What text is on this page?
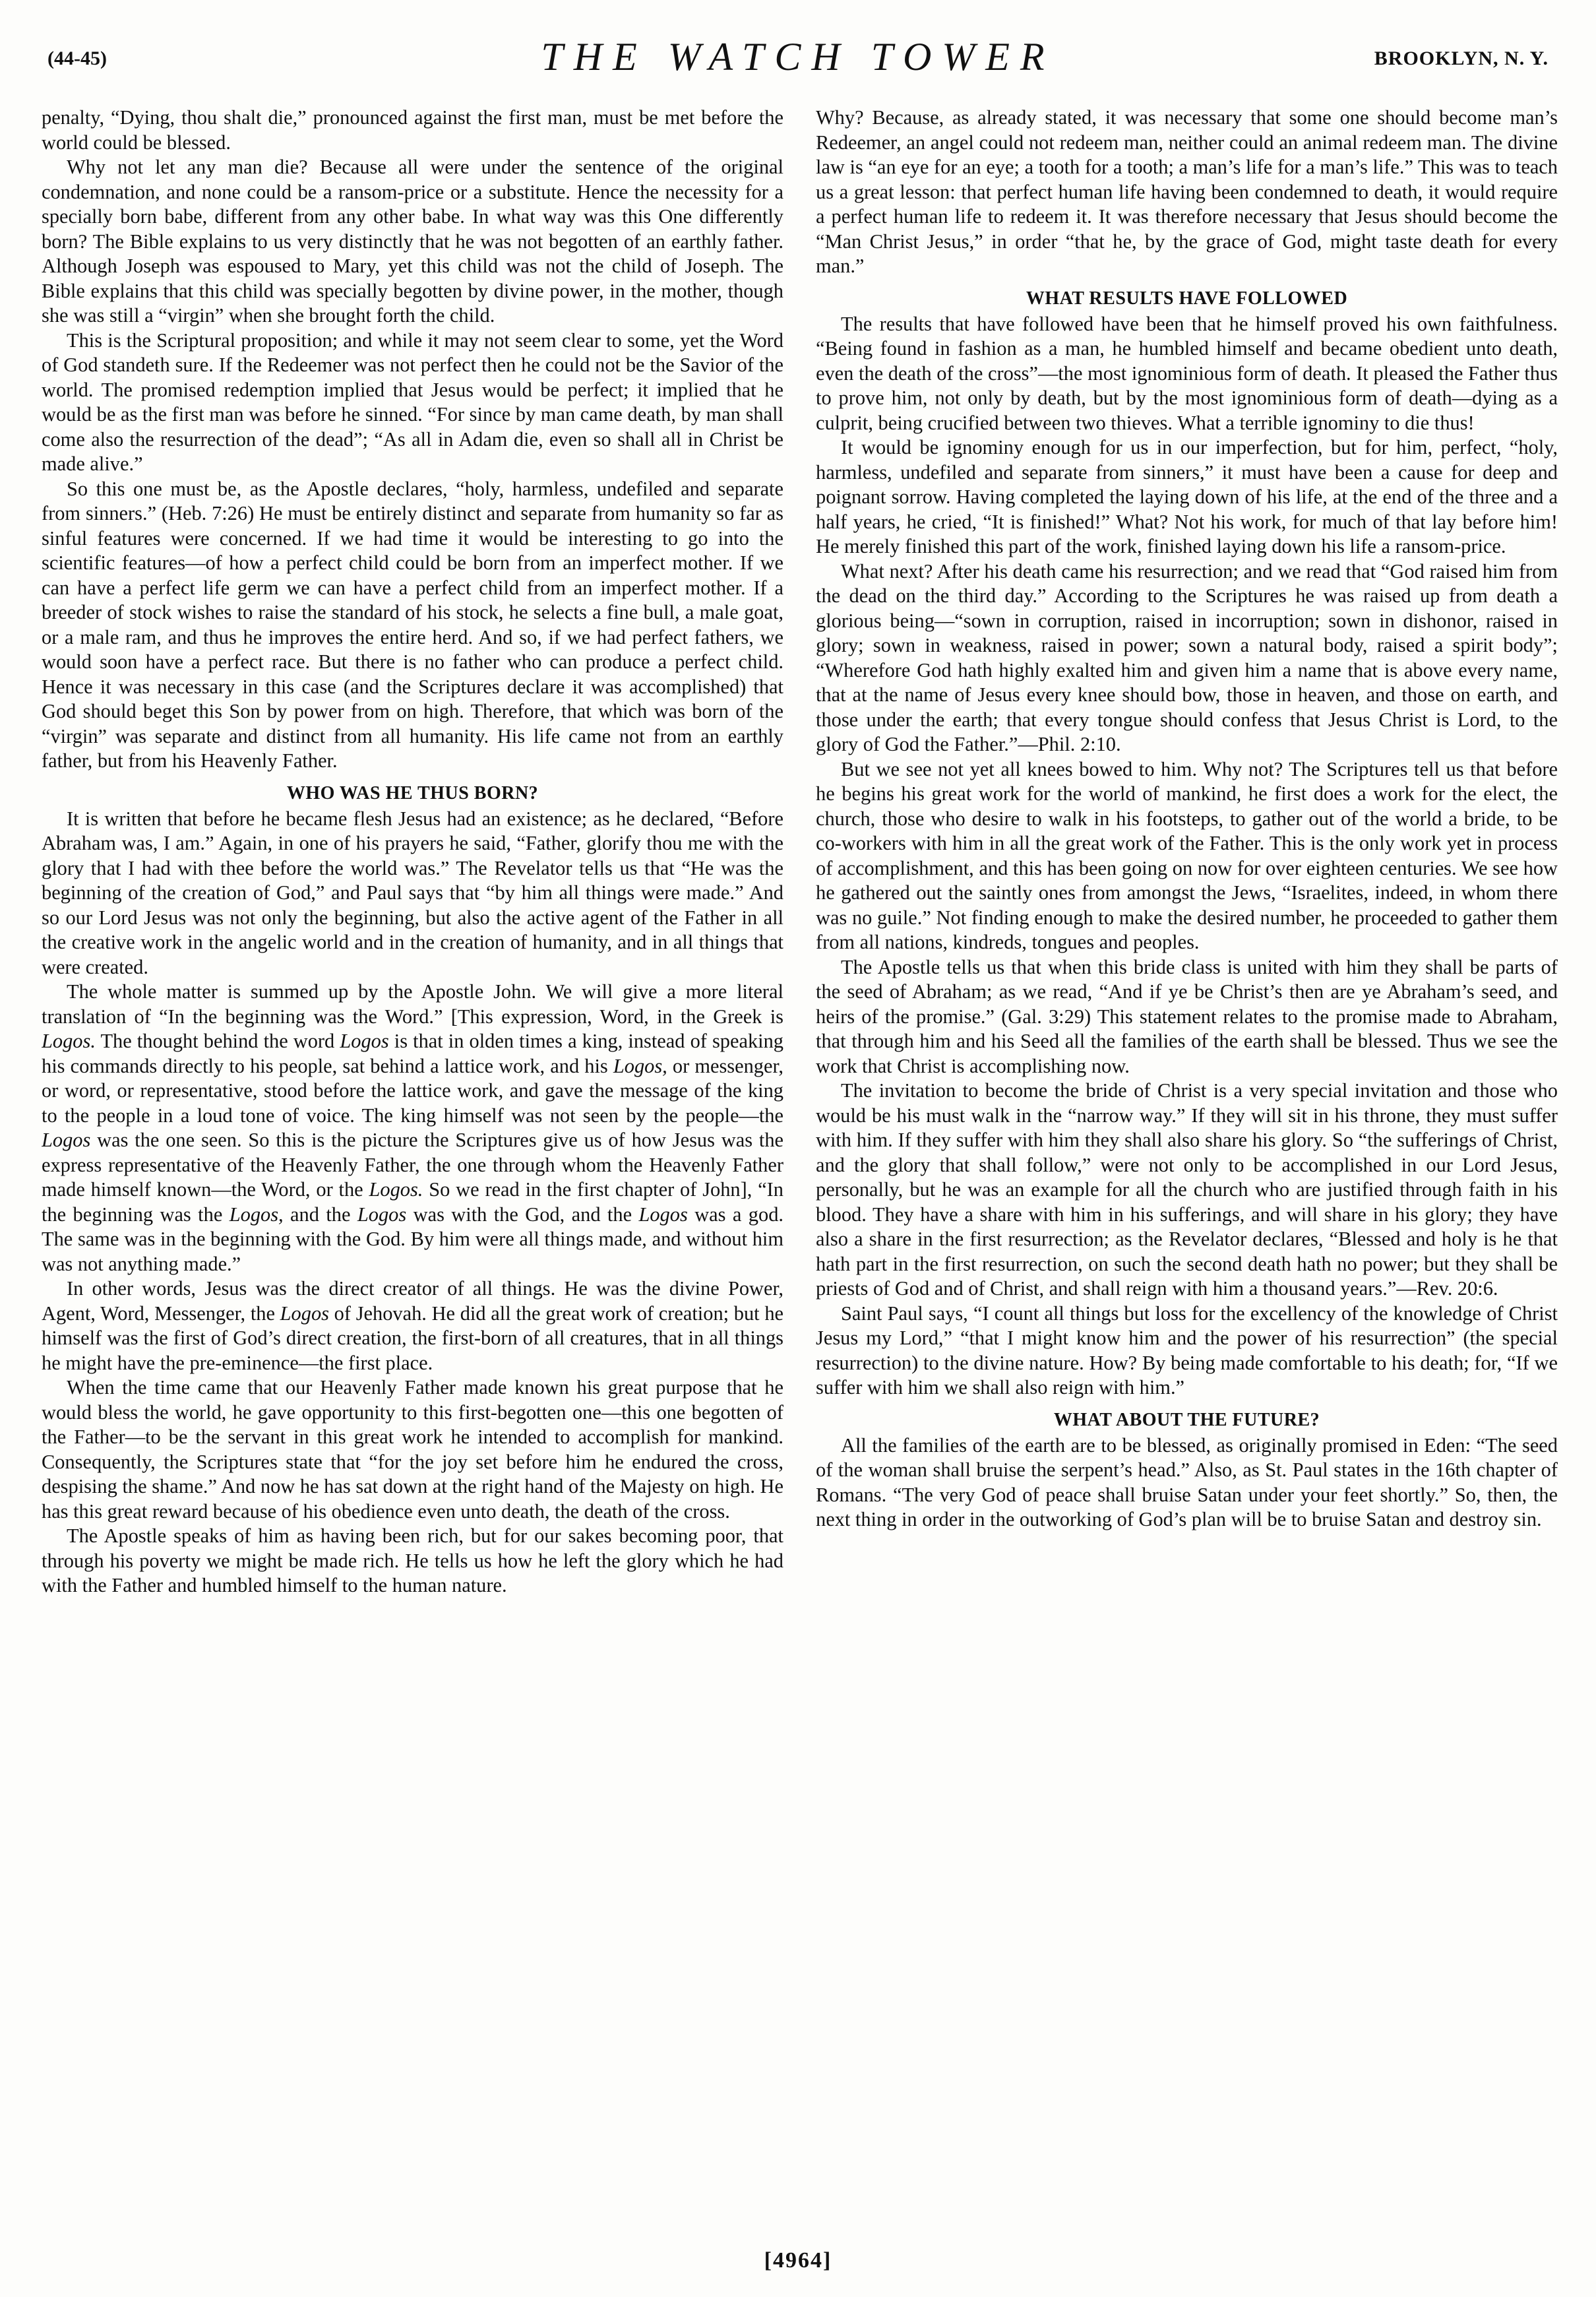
(44-45)	THE WATCH TOWER	BROOKLYN, N. Y.

penalty, “Dying, thou shalt die,” pronounced against the first man, must be met before the world could be blessed.

Why not let any man die? Because all were under the sentence of the original condemnation, and none could be a ransom-price or a substitute. Hence the necessity for a specially born babe, different from any other babe. In what way was this One differently born? The Bible explains to us very distinctly that he was not begotten of an earthly father. Although Joseph was espoused to Mary, yet this child was not the child of Joseph. The Bible explains that this child was specially begotten by divine power, in the mother, though she was still a “virgin” when she brought forth the child.

This is the Scriptural proposition; and while it may not seem clear to some, yet the Word of God standeth sure. If the Redeemer was not perfect then he could not be the Savior of the world. The promised redemption implied that Jesus would be perfect; it implied that he would be as the first man was before he sinned. “For since by man came death, by man shall come also the resurrection of the dead”; “As all in Adam die, even so shall all in Christ be made alive.”

So this one must be, as the Apostle declares, “holy, harmless, undefiled and separate from sinners.” (Heb. 7:26) He must be entirely distinct and separate from humanity so far as sinful features were concerned. If we had time it would be interesting to go into the scientific features—of how a perfect child could be born from an imperfect mother. If we can have a perfect life germ we can have a perfect child from an imperfect mother. If a breeder of stock wishes to raise the standard of his stock, he selects a fine bull, a male goat, or a male ram, and thus he improves the entire herd. And so, if we had perfect fathers, we would soon have a perfect race. But there is no father who can produce a perfect child. Hence it was necessary in this case (and the Scriptures declare it was accomplished) that God should beget this Son by power from on high. Therefore, that which was born of the “virgin” was separate and distinct from all humanity. His life came not from an earthly father, but from his Heavenly Father.

WHO WAS HE THUS BORN?

It is written that before he became flesh Jesus had an existence; as he declared, “Before Abraham was, I am.” Again, in one of his prayers he said, “Father, glorify thou me with the glory that I had with thee before the world was.” The Revelator tells us that “He was the beginning of the creation of God,” and Paul says that “by him all things were made.” And so our Lord Jesus was not only the beginning, but also the active agent of the Father in all the creative work in the angelic world and in the creation of humanity, and in all things that were created.

The whole matter is summed up by the Apostle John. We will give a more literal translation of “In the beginning was the Word.” [This expression, Word, in the Greek is Logos. The thought behind the word Logos is that in olden times a king, instead of speaking his commands directly to his people, sat behind a lattice work, and his Logos, or messenger, or word, or representative, stood before the lattice work, and gave the message of the king to the people in a loud tone of voice. The king himself was not seen by the people—the Logos was the one seen. So this is the picture the Scriptures give us of how Jesus was the express representative of the Heavenly Father, the one through whom the Heavenly Father made himself known—the Word, or the Logos. So we read in the first chapter of John], “In the beginning was the Logos, and the Logos was with the God, and the Logos was a god. The same was in the beginning with the God. By him were all things made, and without him was not anything made.”

In other words, Jesus was the direct creator of all things. He was the divine Power, Agent, Word, Messenger, the Logos of Jehovah. He did all the great work of creation; but he himself was the first of God’s direct creation, the first-born of all creatures, that in all things he might have the pre-eminence—the first place.

When the time came that our Heavenly Father made known his great purpose that he would bless the world, he gave opportunity to this first-begotten one—this one begotten of the Father—to be the servant in this great work he intended to accomplish for mankind. Consequently, the Scriptures state that “for the joy set before him he endured the cross, despising the shame.” And now he has sat down at the right hand of the Majesty on high. He has this great reward because of his obedience even unto death, the death of the cross.

The Apostle speaks of him as having been rich, but for our sakes becoming poor, that through his poverty we might be made rich. He tells us how he left the glory which he had with the Father and humbled himself to the human nature.

Why? Because, as already stated, it was necessary that some one should become man’s Redeemer, an angel could not redeem man, neither could an animal redeem man. The divine law is “an eye for an eye; a tooth for a tooth; a man’s life for a man’s life.” This was to teach us a great lesson: that perfect human life having been condemned to death, it would require a perfect human life to redeem it. It was therefore necessary that Jesus should become the “Man Christ Jesus,” in order “that he, by the grace of God, might taste death for every man.”

WHAT RESULTS HAVE FOLLOWED

The results that have followed have been that he himself proved his own faithfulness. “Being found in fashion as a man, he humbled himself and became obedient unto death, even the death of the cross”—the most ignominious form of death. It pleased the Father thus to prove him, not only by death, but by the most ignominious form of death—dying as a culprit, being crucified between two thieves. What a terrible ignominy to die thus!

It would be ignominy enough for us in our imperfection, but for him, perfect, “holy, harmless, undefiled and separate from sinners,” it must have been a cause for deep and poignant sorrow. Having completed the laying down of his life, at the end of the three and a half years, he cried, “It is finished!” What? Not his work, for much of that lay before him! He merely finished this part of the work, finished laying down his life a ransom-price.

What next? After his death came his resurrection; and we read that “God raised him from the dead on the third day.” According to the Scriptures he was raised up from death a glorious being—“sown in corruption, raised in incorruption; sown in dishonor, raised in glory; sown in weakness, raised in power; sown a natural body, raised a spirit body”; “Wherefore God hath highly exalted him and given him a name that is above every name, that at the name of Jesus every knee should bow, those in heaven, and those on earth, and those under the earth; that every tongue should confess that Jesus Christ is Lord, to the glory of God the Father.”—Phil. 2:10.

But we see not yet all knees bowed to him. Why not? The Scriptures tell us that before he begins his great work for the world of mankind, he first does a work for the elect, the church, those who desire to walk in his footsteps, to gather out of the world a bride, to be co-workers with him in all the great work of the Father. This is the only work yet in process of accomplishment, and this has been going on now for over eighteen centuries. We see how he gathered out the saintly ones from amongst the Jews, “Israelites, indeed, in whom there was no guile.” Not finding enough to make the desired number, he proceeded to gather them from all nations, kindreds, tongues and peoples.

The Apostle tells us that when this bride class is united with him they shall be parts of the seed of Abraham; as we read, “And if ye be Christ’s then are ye Abraham’s seed, and heirs of the promise.” (Gal. 3:29) This statement relates to the promise made to Abraham, that through him and his Seed all the families of the earth shall be blessed. Thus we see the work that Christ is accomplishing now.

The invitation to become the bride of Christ is a very special invitation and those who would be his must walk in the “narrow way.” If they will sit in his throne, they must suffer with him. If they suffer with him they shall also share his glory. So “the sufferings of Christ, and the glory that shall follow,” were not only to be accomplished in our Lord Jesus, personally, but he was an example for all the church who are justified through faith in his blood. They have a share with him in his sufferings, and will share in his glory; they have also a share in the first resurrection; as the Revelator declares, “Blessed and holy is he that hath part in the first resurrection, on such the second death hath no power; but they shall be priests of God and of Christ, and shall reign with him a thousand years.”—Rev. 20:6.

Saint Paul says, “I count all things but loss for the excellency of the knowledge of Christ Jesus my Lord,” “that I might know him and the power of his resurrection” (the special resurrection) to the divine nature. How? By being made comfortable to his death; for, “If we suffer with him we shall also reign with him.”

WHAT ABOUT THE FUTURE?

All the families of the earth are to be blessed, as originally promised in Eden: “The seed of the woman shall bruise the serpent’s head.” Also, as St. Paul states in the 16th chapter of Romans. “The very God of peace shall bruise Satan under your feet shortly.” So, then, the next thing in order in the outworking of God’s plan will be to bruise Satan and destroy sin.

[4964]
